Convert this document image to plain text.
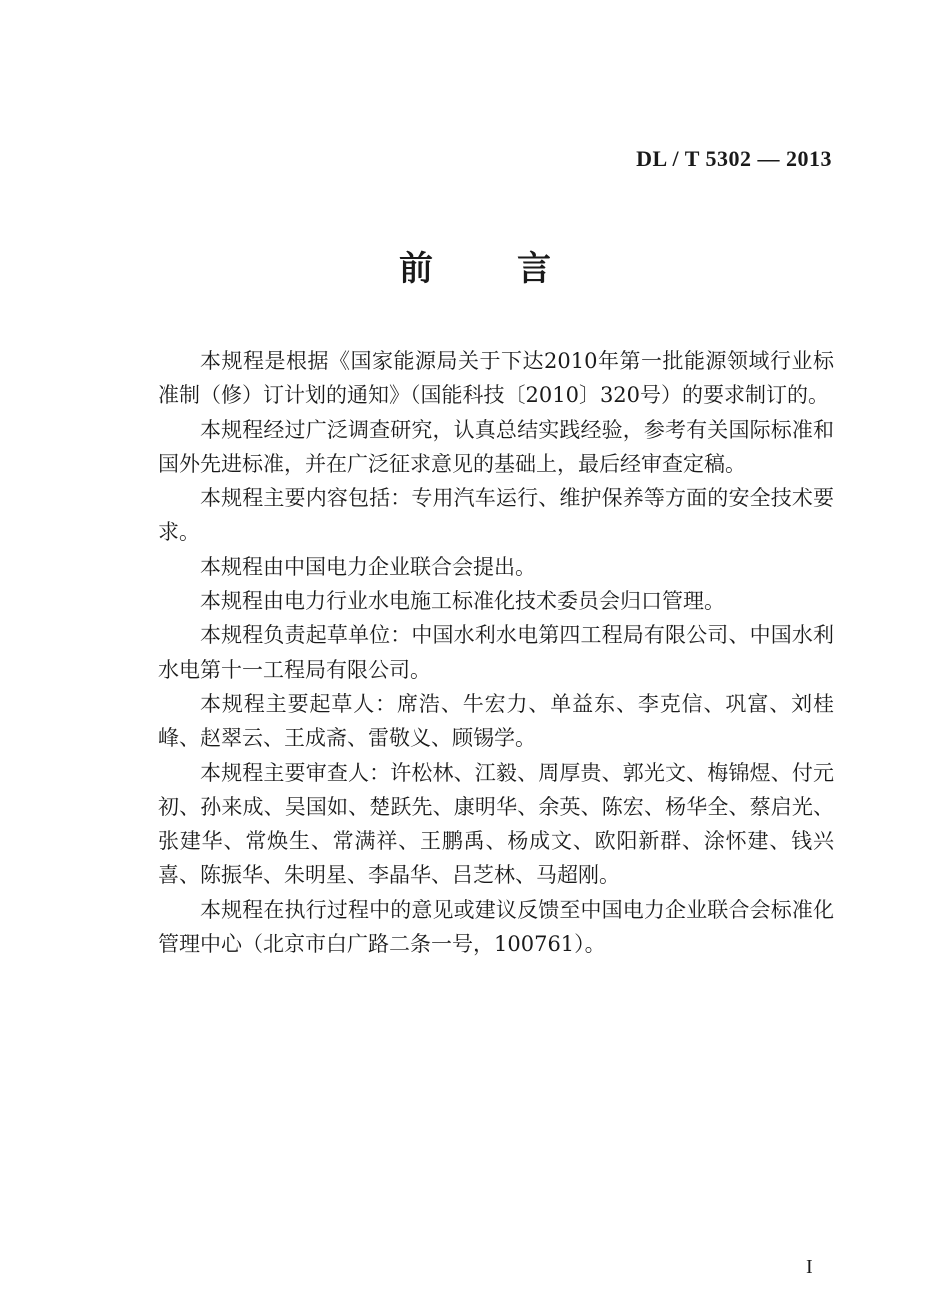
DL / T 5302 — 2013
前 言

本规程是根据《国家能源局关于下达2010年第一批能源领域行业标准制（修）订计划的通知》（国能科技〔2010〕320号）的要求制订的。

本规程经过广泛调查研究，认真总结实践经验，参考有关国际标准和国外先进标准，并在广泛征求意见的基础上，最后经审查定稿。

本规程主要内容包括：专用汽车运行、维护保养等方面的安全技术要求。

本规程由中国电力企业联合会提出。

本规程由电力行业水电施工标准化技术委员会归口管理。

本规程负责起草单位：中国水利水电第四工程局有限公司、中国水利水电第十一工程局有限公司。

本规程主要起草人：席浩、牛宏力、单益东、李克信、巩富、刘桂峰、赵翠云、王成斋、雷敬义、顾锡学。

本规程主要审查人：许松林、江毅、周厚贵、郭光文、梅锦煜、付元初、孙来成、吴国如、楚跃先、康明华、余英、陈宏、杨华全、蔡启光、张建华、常焕生、常满祥、王鹏禹、杨成文、欧阳新群、涂怀建、钱兴喜、陈振华、朱明星、李晶华、吕芝林、马超刚。

本规程在执行过程中的意见或建议反馈至中国电力企业联合会标准化管理中心（北京市白广路二条一号，100761）。

I
